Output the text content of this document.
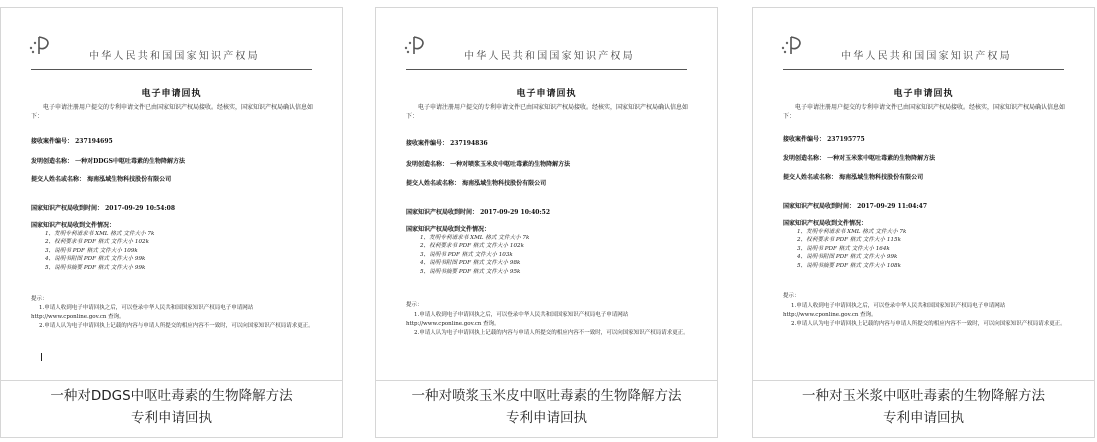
中华人民共和国国家知识产权局
电子申请回执
电子申请注册用户提交的专利申请文件已由国家知识产权局接收。经核实，国家知识产权局确认信息如下：
接收案件编号： 237194695
发明创造名称： 一种对DDGS中呕吐毒素的生物降解方法
提交人姓名或名称： 海南泓域生物科技股份有限公司
国家知识产权局收到时间： 2017-09-29 10:54:08
国家知识产权局收到文件情况：
1、发明专利请求书 XML 格式 文件大小 7k
2、权利要求书 PDF 格式 文件大小 102k
3、说明书 PDF 格式 文件大小 109k
4、说明书附图 PDF 格式 文件大小 99k
5、说明书摘要 PDF 格式 文件大小 99k
提示：
1.申请人收到电子申请回执之后，可以登录中华人民共和国国家知识产权局电子申请网站 http://www.cponline.gov.cn 查询。
2.申请人认为电子申请回执上记载的内容与申请人所提交的相应内容不一致时，可以向国家知识产权局请求更正。
一种对DDGS中呕吐毒素的生物降解方法
专利申请回执
中华人民共和国国家知识产权局
电子申请回执
电子申请注册用户提交的专利申请文件已由国家知识产权局接收。经核实，国家知识产权局确认信息如下：
接收案件编号： 237194836
发明创造名称： 一种对喷浆玉米皮中呕吐毒素的生物降解方法
提交人姓名或名称： 海南泓域生物科技股份有限公司
国家知识产权局收到时间： 2017-09-29 10:40:52
国家知识产权局收到文件情况：
1、发明专利请求书 XML 格式 文件大小 7k
2、权利要求书 PDF 格式 文件大小 102k
3、说明书 PDF 格式 文件大小 103k
4、说明书附图 PDF 格式 文件大小 98k
5、说明书摘要 PDF 格式 文件大小 95k
提示：
1.申请人收到电子申请回执之后，可以登录中华人民共和国国家知识产权局电子申请网站 http://www.cponline.gov.cn 查询。
2.申请人认为电子申请回执上记载的内容与申请人所提交的相应内容不一致时，可以向国家知识产权局请求更正。
一种对喷浆玉米皮中呕吐毒素的生物降解方法
专利申请回执
中华人民共和国国家知识产权局
电子申请回执
电子申请注册用户提交的专利申请文件已由国家知识产权局接收。经核实，国家知识产权局确认信息如下：
接收案件编号： 237195775
发明创造名称： 一种对玉米浆中呕吐毒素的生物降解方法
提交人姓名或名称： 海南泓域生物科技股份有限公司
国家知识产权局收到时间： 2017-09-29 11:04:47
国家知识产权局收到文件情况：
1、发明专利请求书 XML 格式 文件大小 7k
2、权利要求书 PDF 格式 文件大小 115k
3、说明书 PDF 格式 文件大小 164k
4、说明书附图 PDF 格式 文件大小 99k
5、说明书摘要 PDF 格式 文件大小 108k
提示：
1.申请人收到电子申请回执之后，可以登录中华人民共和国国家知识产权局电子申请网站 http://www.cponline.gov.cn 查询。
2.申请人认为电子申请回执上记载的内容与申请人所提交的相应内容不一致时，可以向国家知识产权局请求更正。
一种对玉米浆中呕吐毒素的生物降解方法
专利申请回执
